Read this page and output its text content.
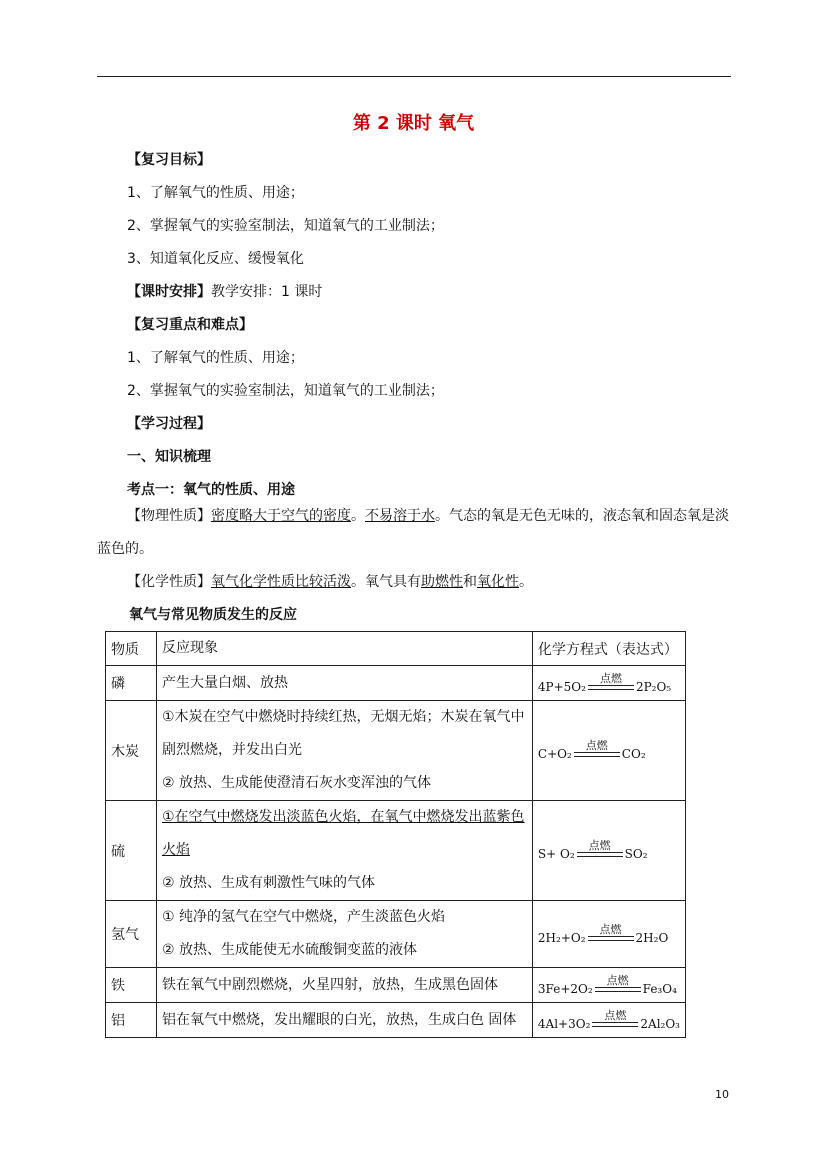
第 2 课时 氧气
【复习目标】
1、了解氧气的性质、用途；
2、掌握氧气的实验室制法，知道氧气的工业制法；
3、知道氧化反应、缓慢氧化
【课时安排】教学安排：1 课时
【复习重点和难点】
1、了解氧气的性质、用途；
2、掌握氧气的实验室制法，知道氧气的工业制法；
【学习过程】
一、知识梳理
考点一：氧气的性质、用途
【物理性质】密度略大于空气的密度。不易溶于水。气态的氧是无色无味的，液态氧和固态氧是淡蓝色的。
【化学性质】氧气化学性质比较活泼。氧气具有助燃性和氧化性。
氧气与常见物质发生的反应
物质	反应现象	化学方程式（表达式）
磷	产生大量白烟、放热	4P+5O₂
点燃
2P₂O₅

木炭	①木炭在空气中燃烧时持续红热，无烟无焰；木炭在氧气中剧烈燃烧，并发出白光
② 放热、生成能使澄清石灰水变浑浊的气体	C+O₂
点燃
CO₂

硫	①在空气中燃烧发出淡蓝色火焰，在氧气中燃烧发出蓝紫色火焰
② 放热、生成有刺激性气味的气体	S+ O₂
点燃
SO₂

氢气	① 纯净的氢气在空气中燃烧，产生淡蓝色火焰
② 放热、生成能使无水硫酸铜变蓝的液体	2H₂+O₂
点燃
2H₂O

铁	铁在氧气中剧烈燃烧，火星四射，放热，生成黑色固体	3Fe+2O₂
点燃
Fe₃O₄

铝	铝在氧气中燃烧，发出耀眼的白光，放热，生成白色 固体	4Al+3O₂
点燃
2Al₂O₃
10
